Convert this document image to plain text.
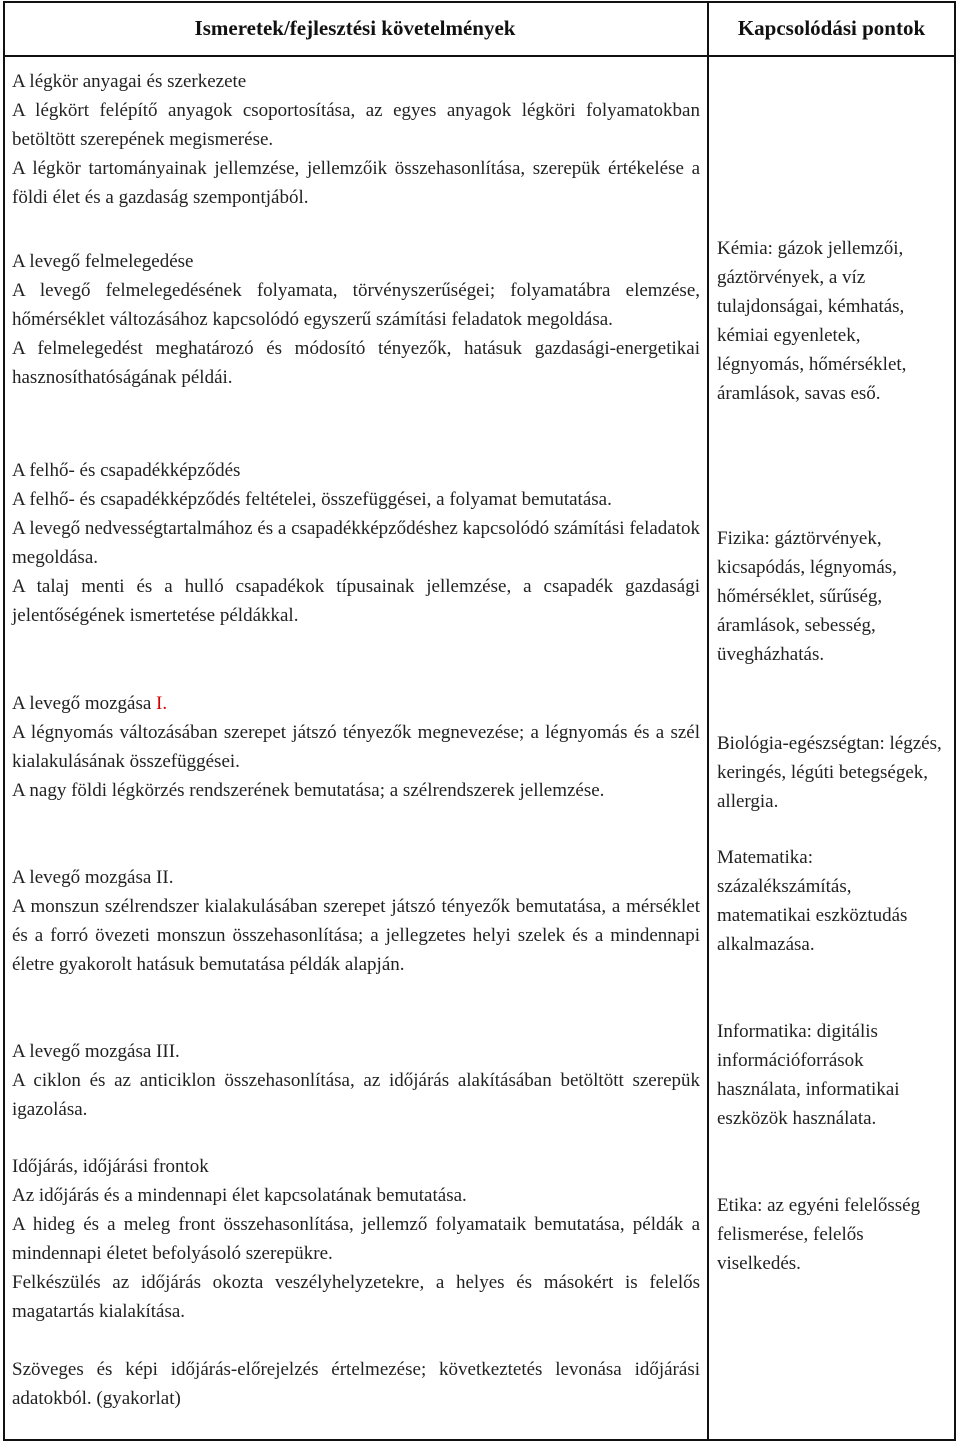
Ismeretek/fejlesztési követelmények	Kapcsolódási pontok
A légkör anyagai és szerkezete

A légkört felépítő anyagok csoportosítása, az egyes anyagok légköri folyamatokban betöltött szerepének megismerése.

A légkör tartományainak jellemzése, jellemzőik összehasonlítása, szerepük értékelése a földi élet és a gazdaság szempontjából.

A levegő felmelegedése

A levegő felmelegedésének folyamata, törvényszerűségei; folyamatábra elemzése, hőmérséklet változásához kapcsolódó egyszerű számítási feladatok megoldása.

A felmelegedést meghatározó és módosító tényezők, hatásuk gazdasági-energetikai hasznosíthatóságának példái.

A felhő- és csapadékképződés

A felhő- és csapadékképződés feltételei, összefüggései, a folyamat bemutatása.

A levegő nedvességtartalmához és a csapadékképződéshez kapcsolódó számítási feladatok megoldása.

A talaj menti és a hulló csapadékok típusainak jellemzése, a csapadék gazdasági jelentőségének ismertetése példákkal.

A levegő mozgása I.

A légnyomás változásában szerepet játszó tényezők megnevezése; a légnyomás és a szél kialakulásának összefüggései.

A nagy földi légkörzés rendszerének bemutatása; a szélrendszerek jellemzése.

A levegő mozgása II.

A monszun szélrendszer kialakulásában szerepet játszó tényezők bemutatása, a mérséklet és a forró övezeti monszun összehasonlítása; a jellegzetes helyi szelek és a mindennapi életre gyakorolt hatásuk bemutatása példák alapján.

A levegő mozgása III.

A ciklon és az anticiklon összehasonlítása, az időjárás alakításában betöltött szerepük igazolása.

Időjárás, időjárási frontok

Az időjárás és a mindennapi élet kapcsolatának bemutatása.

A hideg és a meleg front összehasonlítása, jellemző folyamataik bemutatása, példák a mindennapi életet befolyásoló szerepükre.

Felkészülés az időjárás okozta veszélyhelyzetekre, a helyes és másokért is felelős magatartás kialakítása.

Szöveges és képi időjárás-előrejelzés értelmezése; következtetés levonása időjárási adatokból. (gyakorlat)

Kémia: gázok jellemzői, gáztörvények, a víz tulajdonságai, kémhatás, kémiai egyenletek, légnyomás, hőmérséklet, áramlások, savas eső.
Fizika: gáztörvények, kicsapódás, légnyomás, hőmérséklet, sűrűség, áramlások, sebesség, üvegházhatás.
Biológia-egészségtan: légzés, keringés, légúti betegségek, allergia.
Matematika: százalékszámítás, matematikai eszköztudás alkalmazása.
Informatika: digitális információforrások használata, informatikai eszközök használata.
Etika: az egyéni felelősség felismerése, felelős viselkedés.
